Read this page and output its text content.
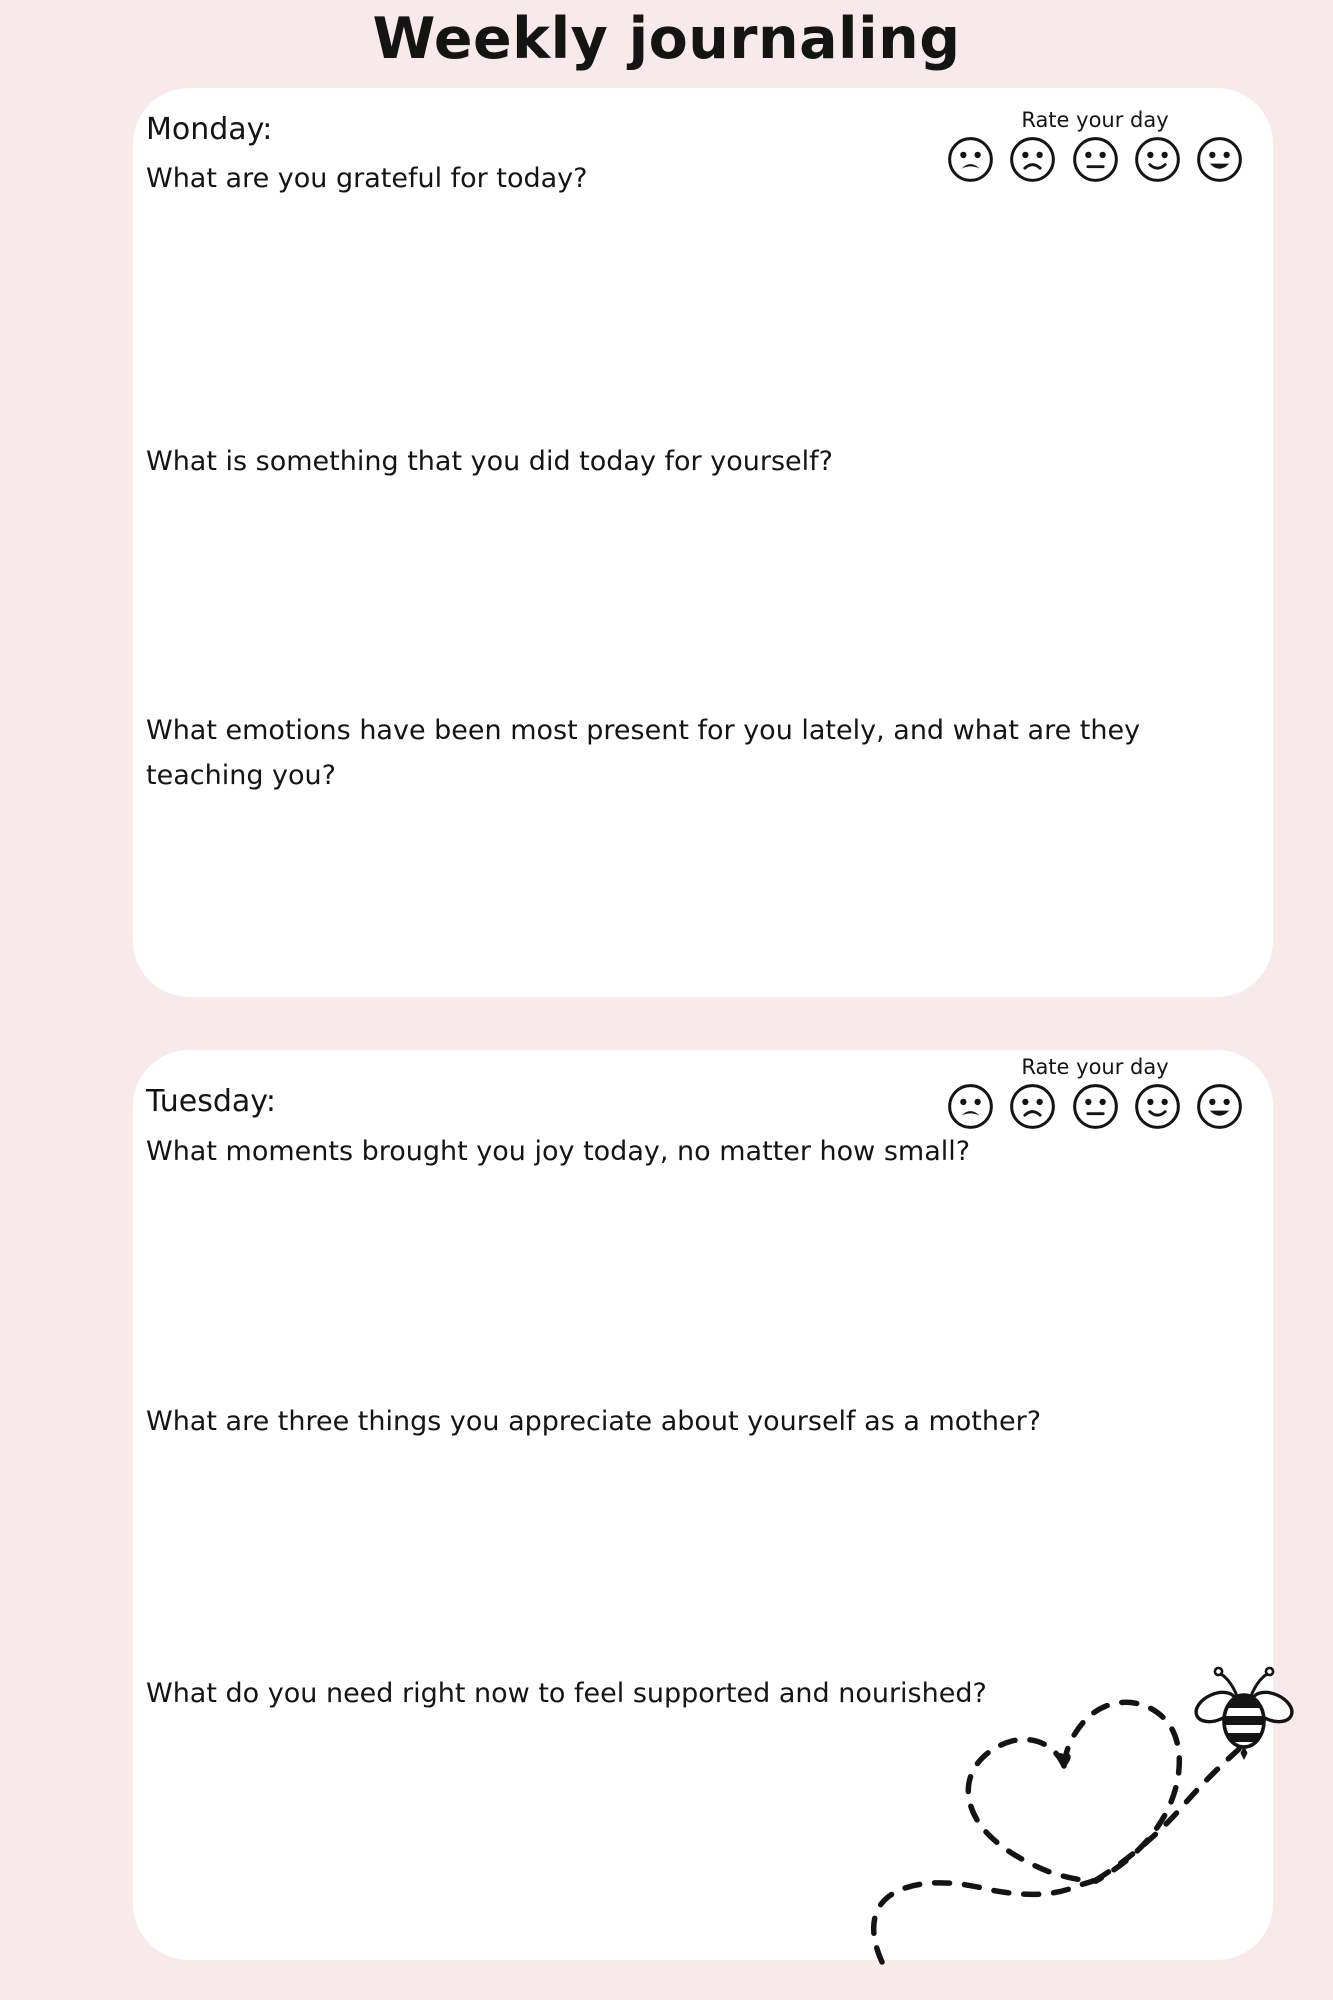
Weekly journaling
Rate your day
Monday:
What are you grateful for today?
What is something that you did today for yourself?
What emotions have been most present for you lately, and what are they teaching you?
Rate your day
Tuesday:
What moments brought you joy today, no matter how small?
What are three things you appreciate about yourself as a mother?
What do you need right now to feel supported and nourished?
